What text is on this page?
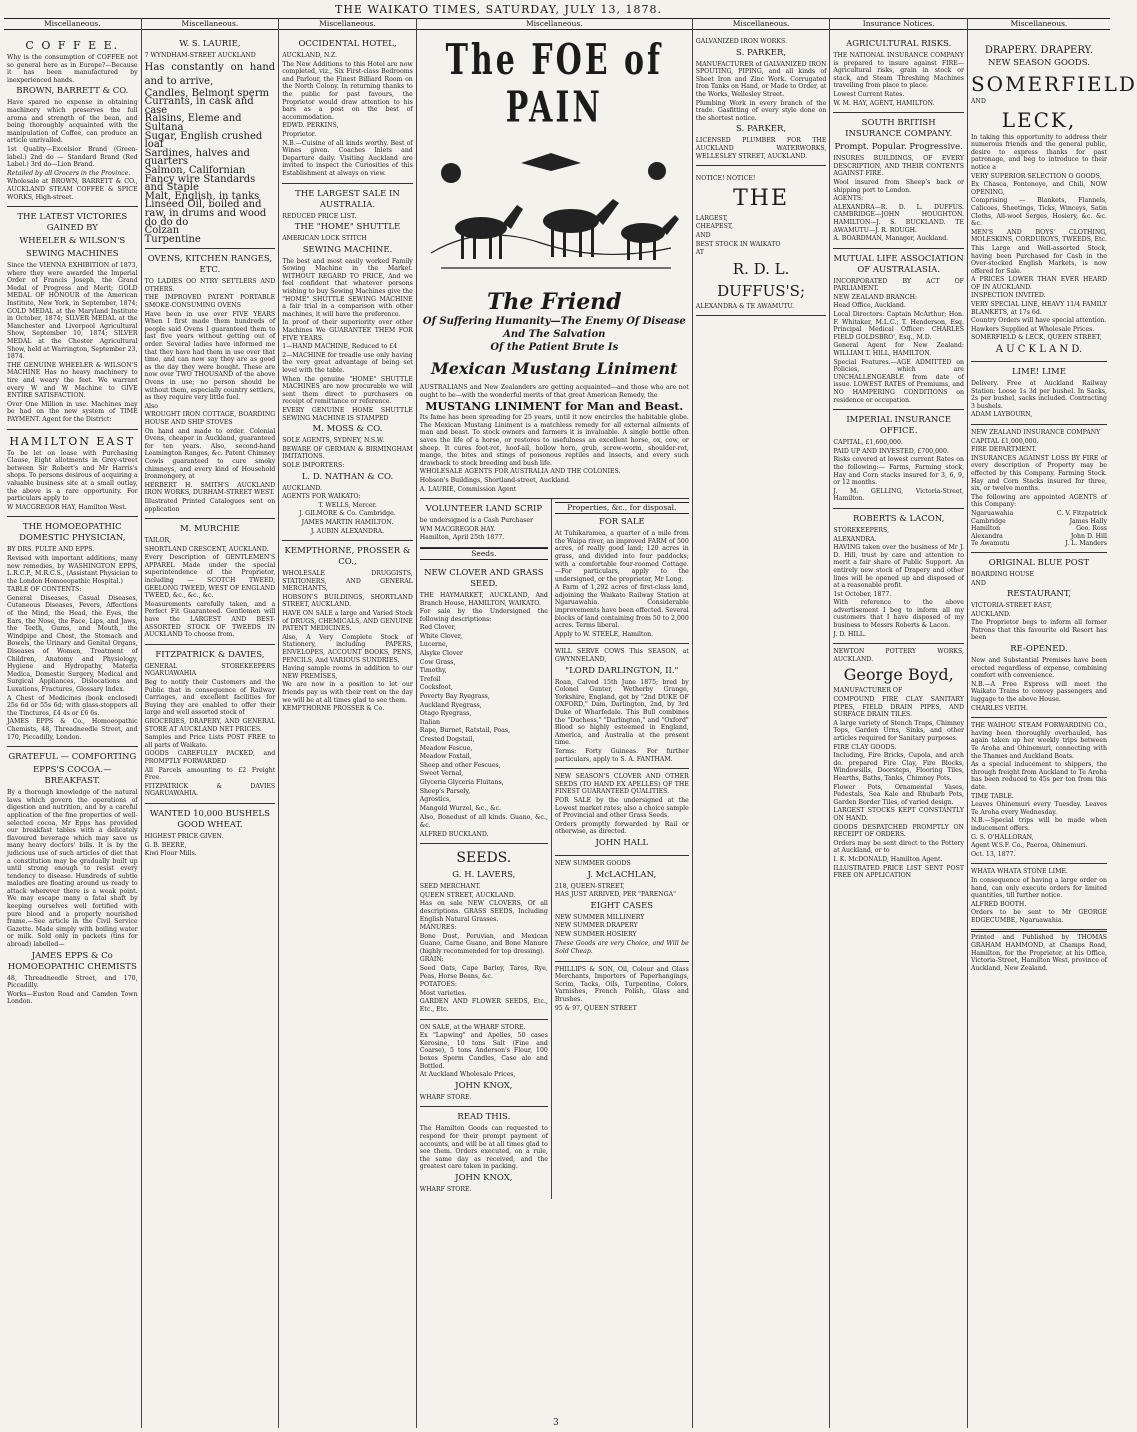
THE WAIKATO TIMES, SATURDAY, JULY 13, 1878.
Miscellaneous.
C O F F E E.
Why is the consumption of COFFEE not so general here as in Europe?—Because it has been manufactured by inexperienced hands.
BROWN, BARRETT & CO.
Have spared no expense in obtaining machinery which preserves the full aroma and strength of the bean, and being thoroughly acquainted with the manipulation of Coffee, can produce an article unrivalled.
1st Quality—Excelsior Brand (Green-label.) 2nd do — Standard Brand (Red Label.) 3rd do—Lion Brand.
Retailed by all Grocers in the Province.
Wholesale at BROWN, BARRETT & CO., AUCKLAND STEAM COFFEE & SPICE WORKS, High-street.
THE LATEST VICTORIES GAINED BY
WHEELER & WILSON'S
SEWING MACHINES
Since the VIENNA EXHIBITION of 1873, where they were awarded the Imperial Order of Francis Joseph, the Grand Medal of Progress and Merit; GOLD MEDAL OF HONOUR of the American Institute, New York, in September, 1874; GOLD MEDAL at the Maryland Institute in October, 1874; SILVER MEDAL at the Manchester and Liverpool Agricultural Show, September 10, 1874; SILVER MEDAL at the Chester Agricultural Show, held at Warrington, September 23, 1874.
THE GENUINE WHEELER & WILSON'S MACHINE Has no heavy machinery to tire and weary the feet. We warrant every W and W Machine to GIVE ENTIRE SATISFACTION.
Over One Million in use. Machines may be had on the new system of TIME PAYMENT. Agent for the District:
HAMILTON EAST
To be let on lease with Purchasing Clause, Eight allotments in Grey-street between Sir Robert's and Mr Harris's shops. To persons desirous of acquiring a valuable business site at a small outlay, the above is a rare opportunity. For particulars apply to
W MACGREGOR HAY, Hamilton West.
THE HOMOEOPATHIC DOMESTIC PHYSICIAN,
BY DRS. PULTE AND EPPS.
Revised with important additions, many new remedies, by WASHINGTON EPPS, L.R.C.P., M.R.C.S., (Assistant Physician to the London Homoeopathic Hospital.)
TABLE OF CONTENTS:
General Diseases, Casual Diseases, Cutaneous Diseases, Fevers, Affections of the Mind, the Head, the Eyes, the Ears, the Nose, the Face, Lips, and Jaws, the Teeth, Gums, and Mouth, the Windpipe and Chest, the Stomach and Bowels, the Urinary and Genital Organs, Diseases of Women, Treatment of Children, Anatomy and Physiology, Hygiene and Hydropathy, Materia Medica, Domestic Surgery, Medical and Surgical Appliances, Dislocations and Luxations, Fractures, Glossary Index.
A Chest of Medicines (book enclosed) 25s 6d or 55s 6d; with glass-stoppers all the Tinctures, £4 4s or £6 6s.
JAMES EPPS & Co., Homoeopathic Chemists, 48, Threadneedle Street, and 170, Piccadilly, London.
GRATEFUL — COMFORTING
EPPS'S COCOA.—BREAKFAST.
By a thorough knowledge of the natural laws which govern the operations of digestion and nutrition, and by a careful application of the fine properties of well-selected cocoa, Mr Epps has provided our breakfast tables with a delicately flavoured beverage which may save us many heavy doctors' bills. It is by the judicious use of such articles of diet that a constitution may be gradually built up until strong enough to resist every tendency to disease. Hundreds of subtle maladies are floating around us ready to attack wherever there is a weak point. We may escape many a fatal shaft by keeping ourselves well fortified with pure blood and a properly nourished frame.—See article in the Civil Service Gazette. Made simply with boiling water or milk. Sold only in packets (tins for abroad) labelled—
JAMES EPPS & Co HOMOEOPATHIC CHEMISTS
48, Threadneedle Street, and 170, Piccadilly.
Works—Euston Road and Camden Town London.
Miscellaneous.
W. S. LAURIE,
7 WYNDHAM-STREET AUCKLAND
Has constantly on hand and to arrive,
Candles, Belmont sperm
Currants, in cask and case
Raisins, Eleme and Sultana
Sugar, English crushed loaf
Sardines, halves and quarters
Salmon, Californian
Fancy wire Standards and Staple
Malt, English, in tanks
Linseed Oil, boiled and raw, in drums and wood
do do do
Colzan
Turpentine
OVENS, KITCHEN RANGES, ETC.
TO LADIES OO NTRY SETTLERS AND OTHERS.
THE IMPROVED PATENT PORTABLE SMOKE-CONSUMING OVENS
Have been in use over FIVE YEARS When I first made them hundreds of people said Ovens I guaranteed them to last five years without getting out of order. Several ladies have informed me that they have had them in use over that time, and can now say they are as good as the day they were bought. These are now over TWO THOUSAND of the above Ovens in use; no person should be without them, especially country settlers, as they require very little fuel.
Also
WROUGHT IRON COTTAGE, BOARDING HOUSE AND SHIP STOVES
On hand and made to order. Colonial Ovens, cheaper in Auckland, guaranteed for ten years. Also, second-hand Leamington Ranges, &c. Patent Chimney Cowls guaranteed to cure smoky chimneys, and every kind of Household Ironmongery, at
HERBERT H. SMITH'S AUCKLAND IRON WORKS, DURHAM-STREET WEST.
Illustrated Printed Catalogues sent on application
M. MURCHIE
TAILOR,
SHORTLAND CRESCENT, AUCKLAND.
Every Description of GENTLEMEN'S APPAREL Made under the special superintendence of the Proprietor, including — SCOTCH TWEED, GEELONG TWEED, WEST OF ENGLAND TWEED, &c., &c., &c.
Measurements carefully taken, and a Perfect Fit Guaranteed. Gentlemen will have the LARGEST AND BEST-ASSORTED STOCK OF TWEEDS IN AUCKLAND To choose from.
FITZPATRICK & DAVIES,
GENERAL STOREKEEPERS NGARUAWAHIA
Beg to notify their Customers and the Public that in consequence of Railway Carriages, and excellent facilities for Buying they are enabled to offer their large and well assorted stock of
GROCERIES, DRAPERY, AND GENERAL STORE AT AUCKLAND NET PRICES.
Samples and Price Lists POST FREE to all parts of Waikato.
GOODS CAREFULLY PACKED, and PROMPTLY FORWARDED
All Parcels amounting to £2 Freight Free.
FITZPATRICK & DAVIES NGARUAWAHIA.
WANTED 10,000 BUSHELS GOOD WHEAT.
HIGHEST PRICE GIVEN.
G. B. BEERE,
Kiwi Flour Mills.
Miscellaneous.
OCCIDENTAL HOTEL,
AUCKLAND, N.Z.
The New Additions to this Hotel are now completed, viz., Six First-class Bedrooms and Parlour, the Finest Billiard Room on the North Colony. In returning thanks to the public for past favours, the Proprietor would draw attention to his bars as a post on the best of accommodation.
EDWD. PERKINS,
Proprietor.
N.B.—Cuisine of all kinds worthy. Best of Wines given. Coaches Inlets and Departure daily. Visiting Auckland are invited to inspect the Curiosities of this Establishment at always on view.
THE LARGEST SALE IN AUSTRALIA.
REDUCED PRICE LIST.
THE "HOME" SHUTTLE
AMERICAN LOCK STITCH
SEWING MACHINE.
The best and most easily worked Family Sewing Machine in the Market. WITHOUT REGARD TO PRICE, And we feel confident that whatever persons wishing to buy Sewing Machines give the "HOME" SHUTTLE SEWING MACHINE a fair trial in a comparison with other machines, it will have the preference.
In proof of their superiority over other Machines We GUARANTEE THEM FOR FIVE YEARS.
1—HAND MACHINE, Reduced to £4
2—MACHINE for treadle use only having the very great advantage of being set level with the table.
When the genuine "HOME" SHUTTLE MACHINES are now procurable we will sent them direct to purchasers on receipt of remittance or reference.
EVERY GENUINE HOME SHUTTLE SEWING MACHINE IS STAMPED
M. MOSS & CO.
SOLE AGENTS, SYDNEY, N.S.W.
BEWARE OF GERMAN & BIRMINGHAM IMITATIONS.
SOLE IMPORTERS:
L. D. NATHAN & CO.
AUCKLAND.
AGENTS FOR WAIKATO:
T. WELLS, Mercer.
J. GILMORE & Co. Cambridge.
JAMES MARTIN HAMILTON.
J. AUBIN ALEXANDRA.
KEMPTHORNE, PROSSER & CO.,
WHOLESALE DRUGGISTS, STATIONERS, AND GENERAL MERCHANTS,
HOBSON'S BUILDINGS, SHORTLAND STREET, AUCKLAND.
HAVE ON SALE a large and Varied Stock of DRUGS, CHEMICALS, AND GENUINE PATENT MEDICINES.
Also, A Very Complete Stock of Stationery, including PAPERS, ENVELOPES, ACCOUNT BOOKS, PENS, PENCILS, And VARIOUS SUNDRIES.
Having sample rooms in addition to our NEW PREMISES,
We are now in a position to let our friends pay us with their rent on the day we will be at all times glad to see them.
KEMPTHORNE PROSSER & Co.
Miscellaneous.
The FOE of PAIN
The Friend
Of Suffering Humanity—The Enemy Of Disease And The Salvation
Of the Patient Brute Is
Mexican Mustang Liniment
AUSTRALIANS and New Zealanders are getting acquainted—and those who are not ought to be—with the wonderful merits of that great American Remedy, the
MUSTANG LINIMENT for Man and Beast.
Its fame has been spreading for 25 years, until it now encircles the habitable globe. The Mexican Mustang Liniment is a matchless remedy for all external ailments of man and beast. To stock owners and farmers it is invaluable. A single bottle often saves the life of a horse, or restores to usefulness an excellent horse, ox, cow, or sheep. It cures foot-rot, hoof-ail, hollow horn, grub, screw-worm, shoulder-rot, mange, the bites and stings of poisonous reptiles and insects, and every such drawback to stock breeding and bush life.
WHOLESALE AGENTS FOR AUSTRALIA AND THE COLONIES.
Hobson's Buildings, Shortland-street, Auckland.
A. LAURIE, Commission Agent
VOLUNTEER LAND SCRIP
be undersigned is a Cash Purchaser
WM MACGREGOR HAY.
Hamilton, April 25th 1877.
Seeds.
NEW CLOVER AND GRASS SEED.
THE HAYMARKET, AUCKLAND, And Branch House, HAMILTON, WAIKATO.
For sale by the Undersigned the following descriptions:
Red Clover,
White Clover,
Lucerne,
Alsyke Clover
Cow Grass,
Timothy,
Trefoil
Cocksfoot,
Poverty Bay Ryegrass,
Auckland Ryegrass,
Otago Ryegrass,
Italian
Rape, Burnet, Ratstail, Poas,
Crested Dogstail,
Meadow Fescue,
Meadow Foxtail,
Sheep and other Fescues,
Sweet Vernal,
Glyceria Glyceria Fluitans,
Sheep's Parsely,
Agrostics,
Mangold Wurzel, &c., &c.
Also, Bonedust of all kinds. Guano, &c., &c.
ALFRED BUCKLAND.
SEEDS.
G. H. LAVERS,
SEED MERCHANT.
QUEEN STREET, AUCKLAND.
Has on sale NEW CLOVERS, Of all descriptions. GRASS SEEDS, Including English Natural Grasses.
MANURES:
Bone Dust, Peruvian, and Mexican Guano, Carne Guano, and Bone Manure (highly recommended for top dressing).
GRAIN:
Seed Oats, Cape Barley, Tares, Rye, Peas, Horse Beans, &c.
POTATOES:
Most varieties.
GARDEN AND FLOWER SEEDS, Etc., Etc., Etc.
ON SALE, at the WHARF STORE.
Ex "Lapwing" and Apelles, 50 cases Kerosine, 10 tons Salt (Fine and Coarse), 5 tons Anderson's Flour, 100 boxes Sperm Candles, Case ale and Bottled.
At Auckland Wholesale Prices,
JOHN KNOX,
WHARF STORE.
READ THIS.
The Hamilton Goods can requested to respond for their prompt payment of accounts, and will be at all times glad to see them. Orders executed, on a rule, the same day as received, and the greatest care taken in packing.
JOHN KNOX,
WHARF STORE.
Properties, &c., for disposal.
FOR SALE
At Tuhikaramea, a quarter of a mile from the Waipa river, an improved FARM of 500 acres, of really good land; 120 acres in grass, and divided into four paddocks; with a comfortable four-roomed Cottage.—For particulars, apply to the undersigned, or the proprietor, Mr Long.
A Farm of 1,292 acres of first-class land, adjoining the Waikato Railway Station at Ngaruawahia. Considerable improvements have been effected. Several blocks of land containing from 50 to 2,000 acres. Terms liberal.
Apply to W. STEELE, Hamilton.
WILL SERVE COWS This SEASON, at GWYNNELAND,
"LORD DARLINGTON, II."
Roan, Calved 15th June 1875; bred by Colonel Gunter, Wetherby Grange, Yorkshire, England, got by "2nd DUKE OF OXFORD," Dam, Darlington, 2nd, by 3rd Duke of Wharfedale. This Bull combines the "Duchess," "Darlington," and "Oxford" Blood so highly esteemed in England, America, and Australia at the present time.
Terms: Forty Guineas. For further particulars, apply to S. A. FANTHAM.
NEW SEASON'S CLOVER AND OTHER SEEDS (TO HAND EX APELLES) OF THE FINEST GUARANTEED QUALITIES.
FOR SALE by the undersigned at the Lowest market rates; also a choice sample of Provincial and other Grass Seeds.
Orders promptly forwarded by Rail or otherwise, as directed.
JOHN HALL
NEW SUMMER GOODS
J. McLACHLAN,
218, QUEEN-STREET,
HAS JUST ARRIVED, PER "PARENGA"
EIGHT CASES
NEW SUMMER MILLINERY
NEW SUMMER DRAPERY
NEW SUMMER HOSIERY
These Goods are very Choice, and Will be Sold Cheap.
PHILLIPS & SON, Oil, Colour and Glass Merchants, Importers of Paperhangings, Scrim, Tacks, Oils, Turpentine, Colors, Varnishes, French Polish, Glass and Brushes.
95 & 97, QUEEN STREET
Miscellaneous.
GALVANIZED IRON WORKS.
S. PARKER,
MANUFACTURER of GALVANIZED IRON SPOUTING, PIPING, and all kinds of Sheet Iron and Zinc Work. Corrugated Iron Tanks on Hand, or Made to Order, at the Works, Wellesley Street.
Plumbing Work in every branch of the trade. Gasfitting of every style done on the shortest notice.
S. PARKER,
LICENSED PLUMBER FOR THE AUCKLAND WATERWORKS, WELLESLEY STREET, AUCKLAND.
NOTICE! NOTICE!
THE
LARGEST,
CHEAPEST,
AND
BEST STOCK IN WAIKATO
AT
R. D. L. DUFFUS'S;
ALEXANDRA & TE AWAMUTU.
Insurance Notices.
AGRICULTURAL RISKS.
THE NATIONAL INSURANCE COMPANY is prepared to insure against FIRE—Agricultural risks, grain in stock or stack, and Steam Threshing Machines travelling from place to place.
Lowest Current Rates.
W. M. HAY, AGENT, HAMILTON.
SOUTH BRITISH INSURANCE COMPANY.
Prompt. Popular. Progressive.
INSURES BUILDINGS, OF EVERY DESCRIPTION, AND THEIR CONTENTS AGAINST FIRE.
Wool insured from Sheep's back or shipping port to London.
AGENTS:
ALEXANDRA—R. D. L. DUFFUS. CAMBRIDGE—JOHN HOUGHTON. HAMILTON—J. S. BUCKLAND. TE AWAMUTU—J. R. ROUGH.
A. BOARDMAN, Manager, Auckland.
MUTUAL LIFE ASSOCIATION OF AUSTRALASIA.
INCORPORATED BY ACT OF PARLIAMENT.
NEW ZEALAND BRANCH:
Head Office, Auckland.
Local Directors: Captain McArthur; Hon. F. Whitaker, M.L.C.; T. Henderson, Esq. Principal Medical Officer: CHARLES FIELD GOLDSBRO', Esq., M.D.
General Agent for New Zealand: WILLIAM T. HILL, HAMILTON.
Special Features.—AGE ADMITTED on Policies, which are UNCHALLENGEABLE from date of issue. LOWEST RATES of Premiums, and NO HAMPERING CONDITIONS on residence or occupation.
IMPERIAL INSURANCE OFFICE.
CAPITAL, £1,600,000.
PAID UP AND INVESTED, £700,000.
Risks covered at lowest current Rates on the following:— Farms, Farming stock, Hay and Corn stacks insured for 3, 6, 9, or 12 months.
J. M. GELLING, Victoria-Street, Hamilton.
ROBERTS & LACON,
STOREKEEPERS,
ALEXANDRA.
HAVING taken over the business of Mr J. D. Hill, trust by care and attention to merit a fair share of Public Support. An entirely new stock of Drapery and other lines will be opened up and disposed of at a reasonable profit.
1st October, 1877.
With reference to the above advertisement I beg to inform all my customers that I have disposed of my business to Messrs Roberts & Lacon.
J. D. HILL.
NEWTON POTTERY WORKS, AUCKLAND.
George Boyd,
MANUFACTURER OF
COMPOUND FIRE CLAY SANITARY PIPES, FIELD DRAIN PIPES, AND SURFACE DRAIN TILES.
A large variety of Stench Traps, Chimney Tops, Garden Urns, Sinks, and other articles required for Sanitary purposes.
FIRE CLAY GOODS.
Including, Fire Bricks, Cupola, and arch do. prepared Fire Clay, Fire Blocks, Windowsills, Doorsteps, Flooring Tiles, Hearths, Baths, Tanks, Chimney Pots.
Flower Pots, Ornamental Vases, Pedestals, Sea Kale and Rhubarb Pots, Garden Border Tiles, of varied design.
LARGEST STOCKS KEPT CONSTANTLY ON HAND.
GOODS DESPATCHED PROMPTLY ON RECEIPT OF ORDERS.
Orders may be sent direct to the Pottery at Auckland, or to
I. K. McDONALD, Hamilton Agent.
ILLUSTRATED PRICE LIST SENT POST FREE ON APPLICATION
Miscellaneous.
DRAPERY. DRAPERY.
NEW SEASON GOODS.
SOMERFIELD
AND
LECK,
In taking this opportunity to address their numerous friends and the general public, desire to express thanks for past patronage, and beg to introduce to their notice a
VERY SUPERIOR SELECTION O GOODS,
Ex Chasca, Fontenoye, and Chili, NOW OPENING,
Comprising — Blankets, Flannels, Calicoes, Sheetings, Ticks, Winceys, Satin Cloths, All-wool Serges, Hosiery, &c. &c. &c.
MEN'S AND BOYS' CLOTHING, MOLESKINS, CORDUROYS, TWEEDS, Etc.
This Large and Well-assorted Stock, having been Purchased for Cash in the Over-stocked English Markets, is now offered for Sale.
A PRICES LOWER THAN EVER HEARD OF IN AUCKLAND.
INSPECTION INVITED.
VERY SPECIAL LINE, HEAVY 11/4 FAMILY BLANKETS, at 17s 6d.
Country Orders will have special attention.
Hawkers Supplied at Wholesale Prices.
SOMERFIELD & LECK, QUEEN STREET,
A U C K L A N D.
LIME! LIME
Delivery. Free at Auckland Railway Station: Loose 1s 3d per bushel. In Sacks, 2s per bushel, sacks included. Contracting 3 bushels.
ADAM LAYBOURN,
NEW ZEALAND INSURANCE COMPANY
CAPITAL £1,000,000.
FIRE DEPARTMENT.
INSURANCES AGAINST LOSS BY FIRE of every description of Property may be effected by this Company. Farming Stock. Hay and Corn Stacks insured for three, six, or twelve months.
The following are appointed AGENTS of this Company:
Ngaruawahia	C. V. Fitzpatrick
Cambridge	James Hally
Hamilton	Geo. Ross
Alexandra	John D. Hill
Te Awamutu	J. L. Manders
ORIGINAL BLUE POST
BOARDING HOUSE
AND
RESTAURANT,
VICTORIA-STREET EAST,
AUCKLAND.
The Proprietor begs to inform all former Patrons that this favourite old Resort has been
RE-OPENED.
New and Substantial Premises have been erected regardless of expense, combining comfort with convenience.
N.B.—A Free Express will meet the Waikato Trains to convey passengers and luggage to the above House.
CHARLES VEITH.
THE WAIHOU STEAM FORWARDING CO., having been thoroughly overhauled, has again taken up her weekly trips between Te Aroha and Ohinemuri, connecting with the Thames and Auckland Boats.
As a special inducement to shippers, the through freight from Auckland to Te Aroha has been reduced to 45s per ton from this date.
TIME TABLE.
Leaves Ohinemuri every Tuesday. Leaves Te Aroha every Wednesday.
N.B.—Special trips will be made when inducement offers.
G. S. O'HALLORAN,
Agent W.S.F. Co., Paeroa, Ohinemuri.
Oct. 13, 1877.
WHATA WHATA STONE LIME.
In consequence of having a large order on hand, can only execute orders for limited quantities, till further notice.
ALFRED BOOTH.
Orders to be sent to Mr GEORGE EDGECUMBE, Ngaruawahia.
Printed and Published by THOMAS GRAHAM HAMMOND, at Champs Road, Hamilton, for the Proprietor, at his Office, Victoria-Street, Hamilton West, province of Auckland, New Zealand.
3
